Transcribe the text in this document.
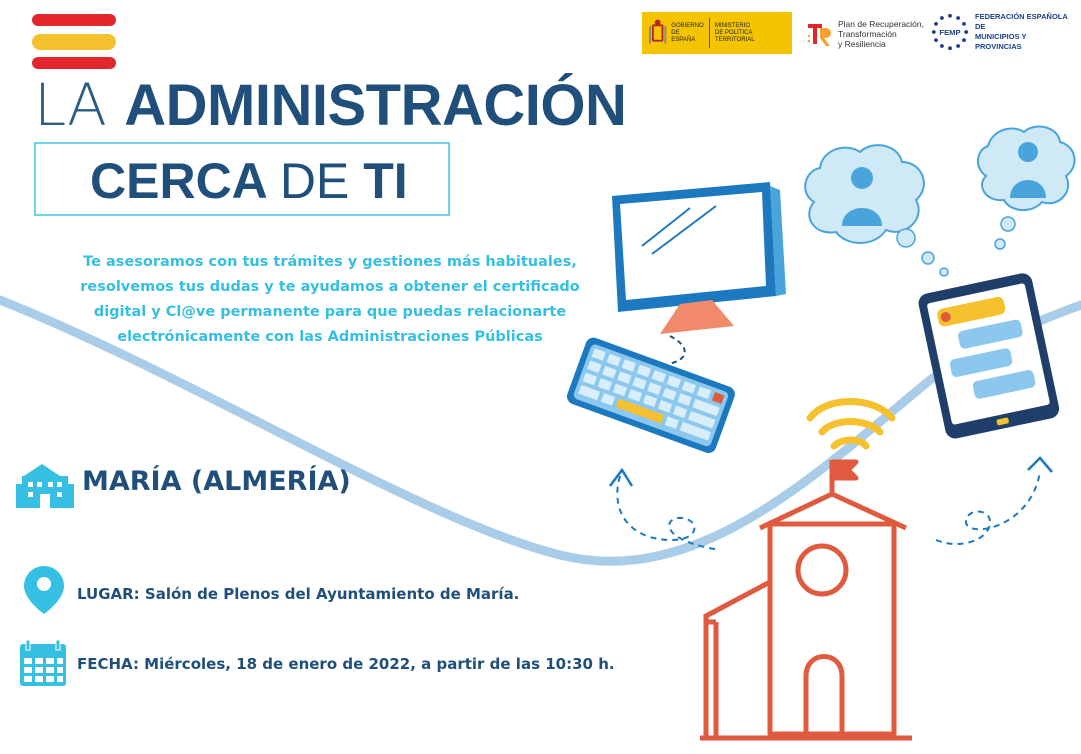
GOBIERNO
DE ESPAÑA
MINISTERIO
DE POLÍTICA TERRITORIAL
Plan de Recuperación,
Transformación
y Resiliencia
FEMP
FEDERACIÓN ESPAÑOLA DE
MUNICIPIOS Y PROVINCIAS
LA ADMINISTRACIÓN
CERCA DE TI
Te asesoramos con tus trámites y gestiones más habituales,
resolvemos tus dudas y te ayudamos a obtener el certificado
digital y Cl@ve permanente para que puedas relacionarte
electrónicamente con las Administraciones Públicas
MARÍA (ALMERÍA)
LUGAR: Salón de Plenos del Ayuntamiento de María.
FECHA: Miércoles, 18 de enero de 2022, a partir de las 10:30 h.
